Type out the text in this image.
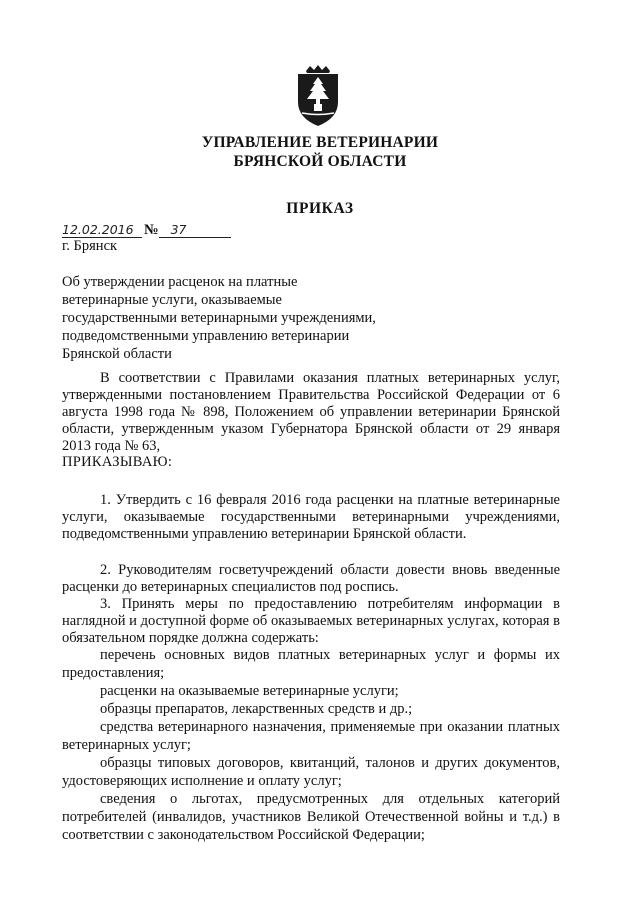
УПРАВЛЕНИЕ ВЕТЕРИНАРИИ
БРЯНСКОЙ ОБЛАСТИ
ПРИКАЗ
12.02.2016 № 37
г. Брянск
Об утверждении расценок на платные
ветеринарные услуги, оказываемые
государственными ветеринарными учреждениями,
подведомственными управлению ветеринарии
Брянской области

В соответствии с Правилами оказания платных ветеринарных услуг, утвержденными постановлением Правительства Российской Федерации от 6 августа 1998 года № 898, Положением об управлении ветеринарии Брянской области, утвержденным указом Губернатора Брянской области от 29 января 2013 года № 63,

ПРИКАЗЫВАЮ:

1. Утвердить с 16 февраля 2016 года расценки на платные ветеринарные услуги, оказываемые государственными ветеринарными учреждениями, подведомственными управлению ветеринарии Брянской области.

2. Руководителям госветучреждений области довести вновь введенные расценки до ветеринарных специалистов под роспись.

3. Принять меры по предоставлению потребителям информации в наглядной и доступной форме об оказываемых ветеринарных услугах, которая в обязательном порядке должна содержать:

перечень основных видов платных ветеринарных услуг и формы их предоставления;

расценки на оказываемые ветеринарные услуги;

образцы препаратов, лекарственных средств и др.;

средства ветеринарного назначения, применяемые при оказании платных ветеринарных услуг;

образцы типовых договоров, квитанций, талонов и других документов, удостоверяющих исполнение и оплату услуг;

сведения о льготах, предусмотренных для отдельных категорий потребителей (инвалидов, участников Великой Отечественной войны и т.д.) в соответствии с законодательством Российской Федерации;
